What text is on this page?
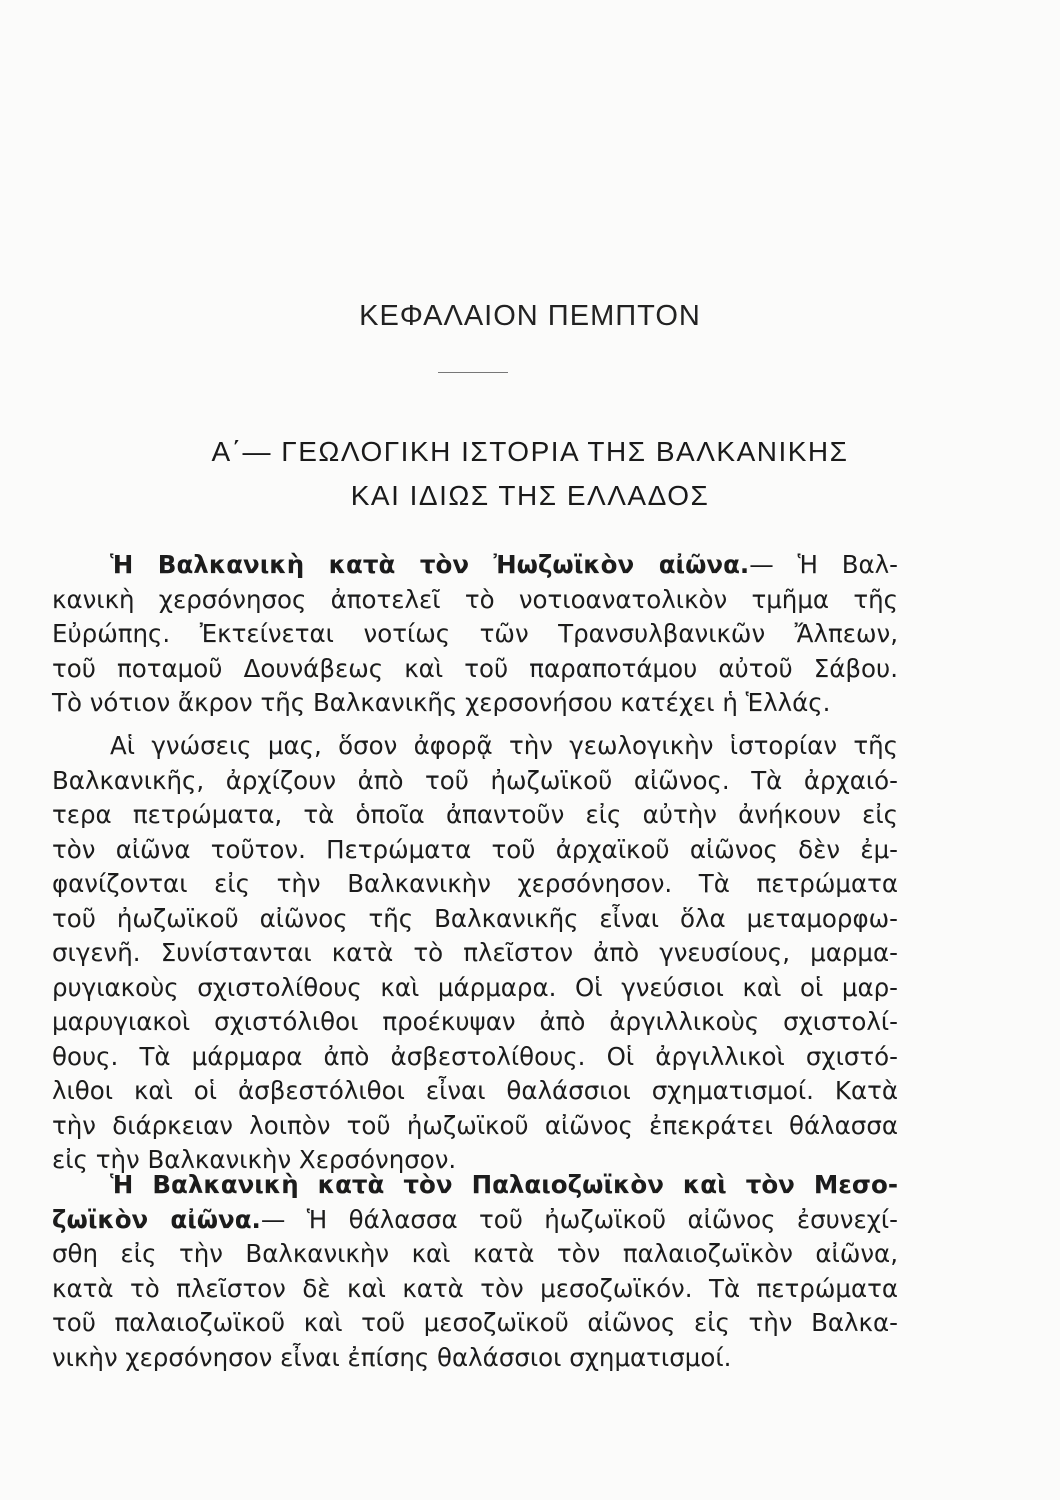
ΚΕΦΑΛΑΙΟΝ ΠΕΜΠΤΟΝ
Α΄— ΓΕΩΛΟΓΙΚΗ ΙΣΤΟΡΙΑ ΤΗΣ ΒΑΛΚΑΝΙΚΗΣ
ΚΑΙ ΙΔΙΩΣ ΤΗΣ ΕΛΛΑΔΟΣ
Ἡ Βαλκανικὴ κατὰ τὸν Ἠωζωϊκὸν αἰῶνα.— Ἡ Βαλ-
κανικὴ χερσόνησος ἀποτελεῖ τὸ νοτιοανατολικὸν τμῆμα τῆς
Εὐρώπης. Ἐκτείνεται νοτίως τῶν Τρανσυλβανικῶν Ἄλπεων,
τοῦ ποταμοῦ Δουνάβεως καὶ τοῦ παραποτάμου αὐτοῦ Σάβου.
Τὸ νότιον ἄκρον τῆς Βαλκανικῆς χερσονήσου κατέχει ἡ Ἑλλάς.
Αἱ γνώσεις μας, ὅσον ἀφορᾷ τὴν γεωλογικὴν ἱστορίαν τῆς
Βαλκανικῆς, ἀρχίζουν ἀπὸ τοῦ ἠωζωϊκοῦ αἰῶνος. Τὰ ἀρχαιό-
τερα πετρώματα, τὰ ὁποῖα ἀπαντοῦν εἰς αὐτὴν ἀνήκουν εἰς
τὸν αἰῶνα τοῦτον. Πετρώματα τοῦ ἀρχαϊκοῦ αἰῶνος δὲν ἐμ-
φανίζονται εἰς τὴν Βαλκανικὴν χερσόνησον. Τὰ πετρώματα
τοῦ ἠωζωϊκοῦ αἰῶνος τῆς Βαλκανικῆς εἶναι ὅλα μεταμορφω-
σιγενῆ. Συνίστανται κατὰ τὸ πλεῖστον ἀπὸ γνευσίους, μαρμα-
ρυγιακοὺς σχιστολίθους καὶ μάρμαρα. Οἱ γνεύσιοι καὶ οἱ μαρ-
μαρυγιακοὶ σχιστόλιθοι προέκυψαν ἀπὸ ἀργιλλικοὺς σχιστολί-
θους. Τὰ μάρμαρα ἀπὸ ἀσβεστολίθους. Οἱ ἀργιλλικοὶ σχιστό-
λιθοι καὶ οἱ ἀσβεστόλιθοι εἶναι θαλάσσιοι σχηματισμοί. Κατὰ
τὴν διάρκειαν λοιπὸν τοῦ ἠωζωϊκοῦ αἰῶνος ἐπεκράτει θάλασσα
εἰς τὴν Βαλκανικὴν Χερσόνησον.
Ἡ Βαλκανικὴ κατὰ τὸν Παλαιοζωϊκὸν καὶ τὸν Μεσο-
ζωϊκὸν αἰῶνα.— Ἡ θάλασσα τοῦ ἠωζωϊκοῦ αἰῶνος ἐσυνεχί-
σθη εἰς τὴν Βαλκανικὴν καὶ κατὰ τὸν παλαιοζωϊκὸν αἰῶνα,
κατὰ τὸ πλεῖστον δὲ καὶ κατὰ τὸν μεσοζωϊκόν. Τὰ πετρώματα
τοῦ παλαιοζωϊκοῦ καὶ τοῦ μεσοζωϊκοῦ αἰῶνος εἰς τὴν Βαλκα-
νικὴν χερσόνησον εἶναι ἐπίσης θαλάσσιοι σχηματισμοί.
